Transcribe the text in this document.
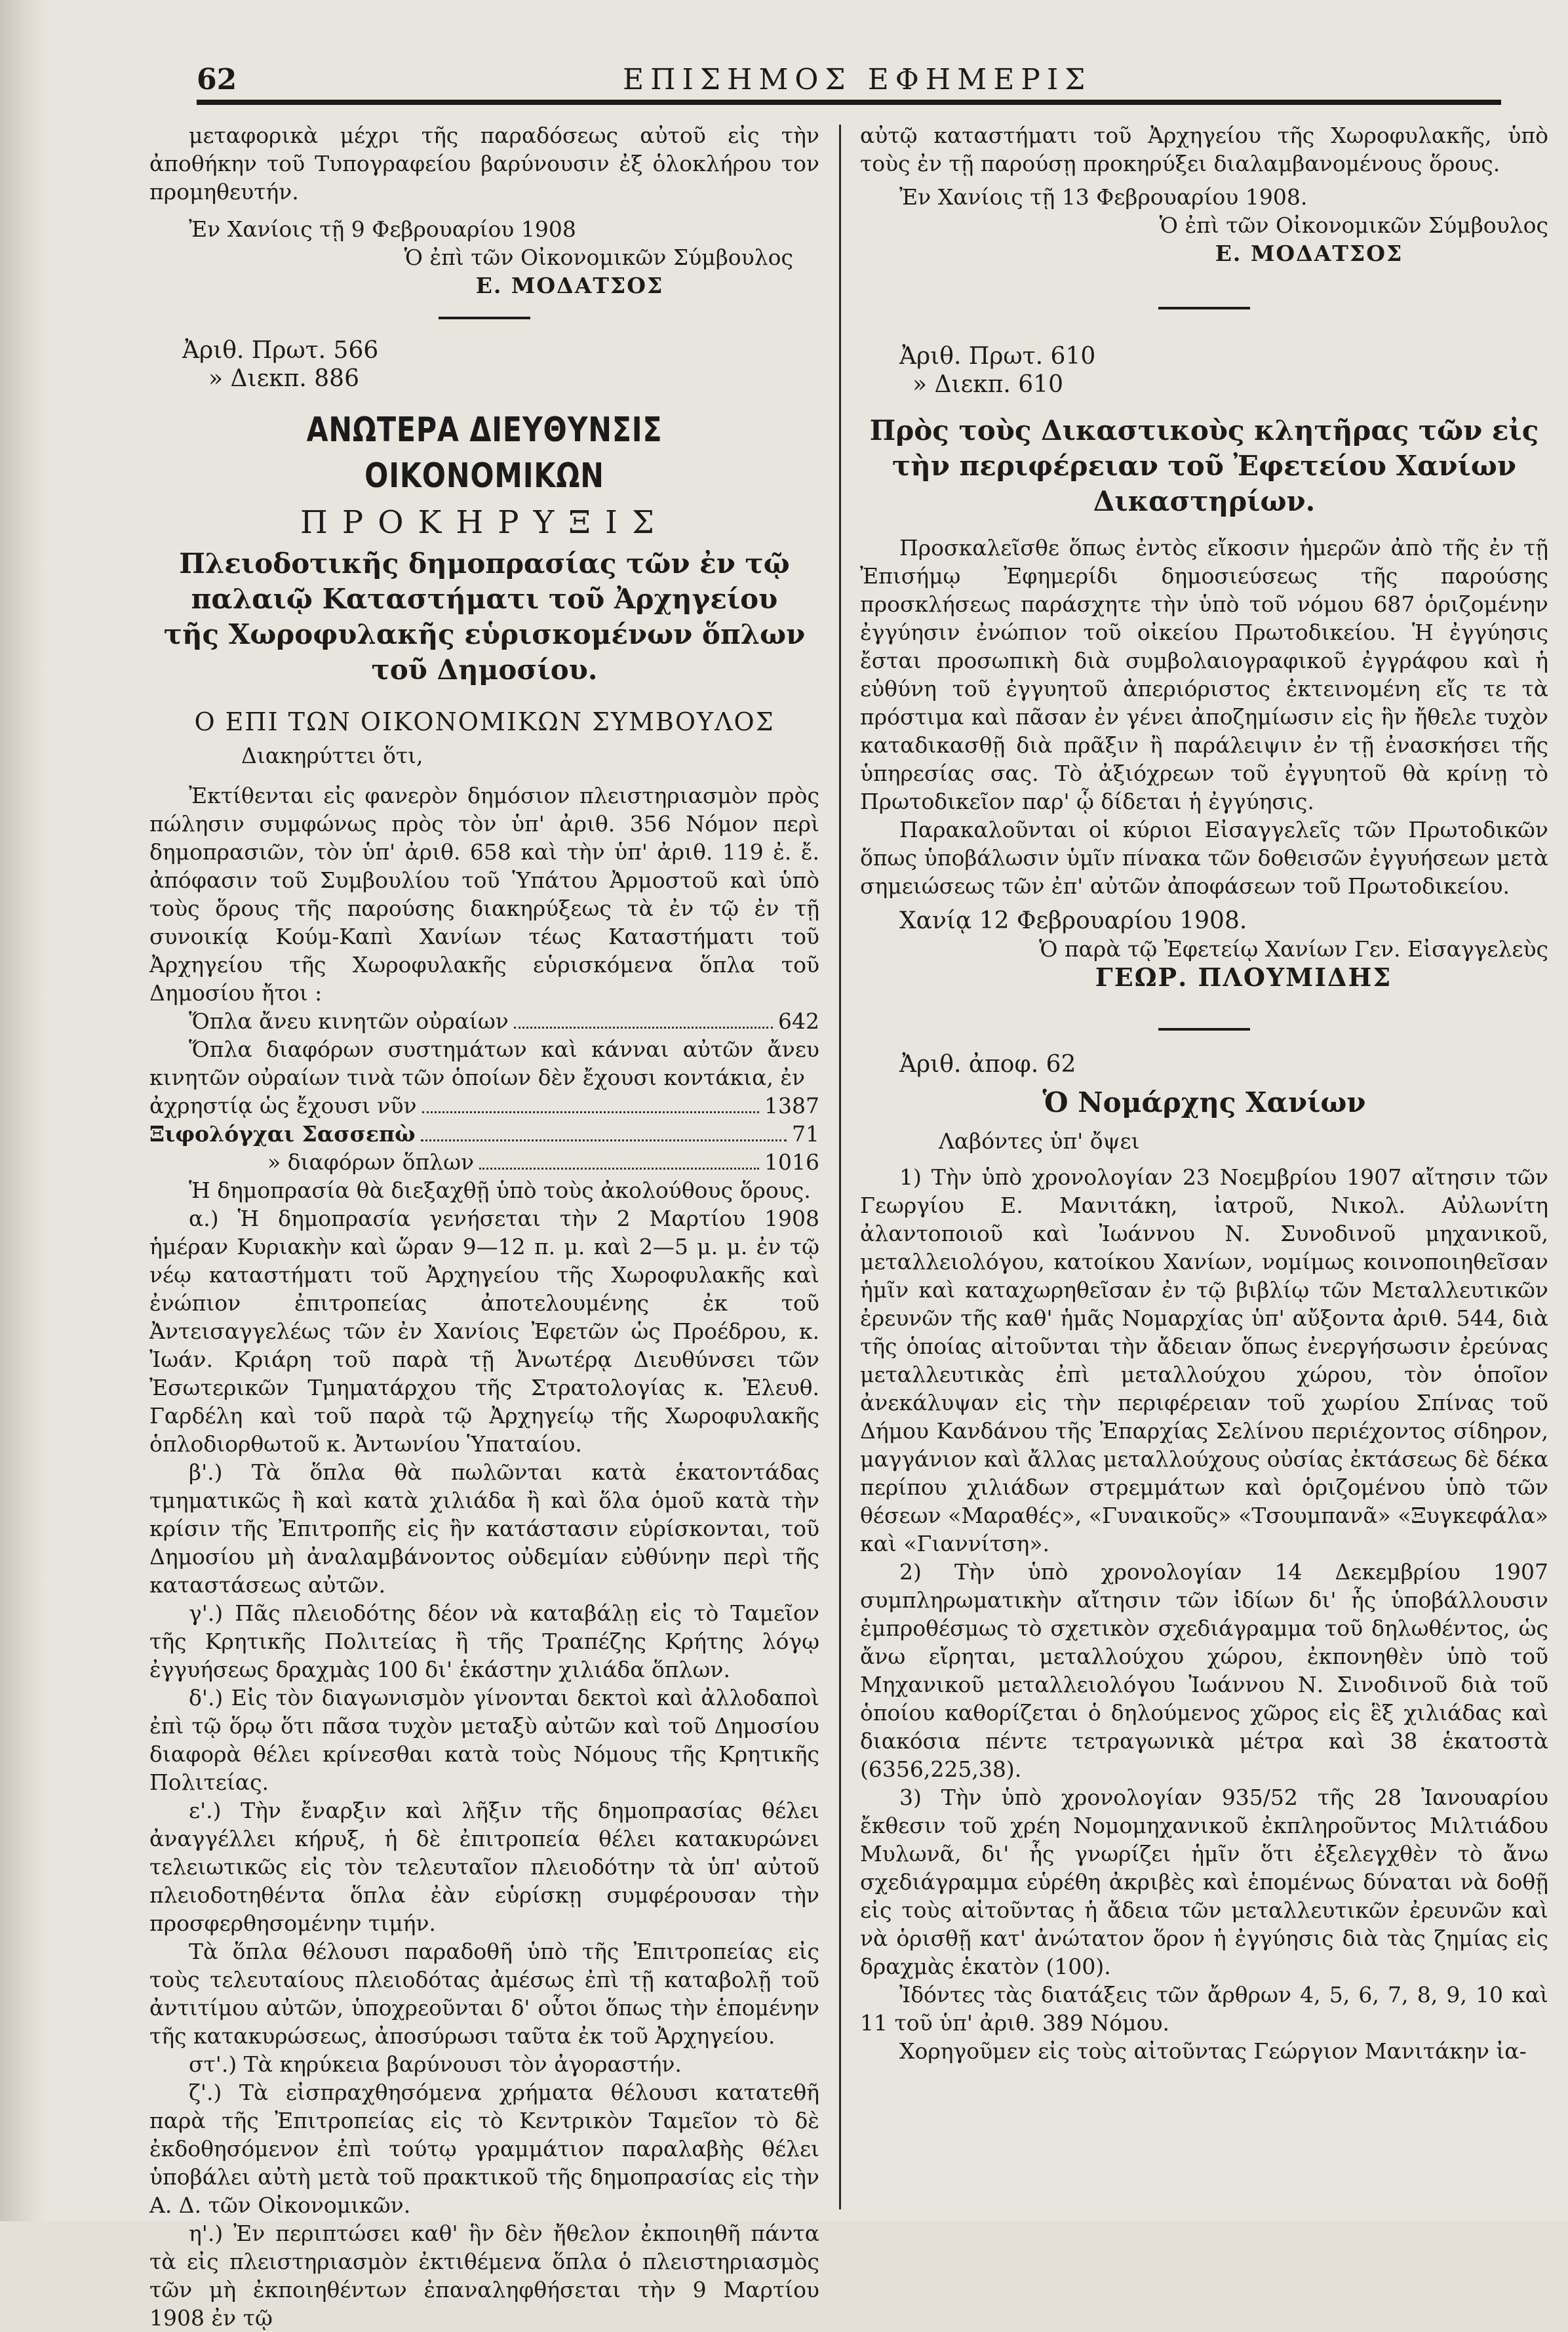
62	ΕΠΙΣΗΜΟΣ ΕΦΗΜΕΡΙΣ

μεταφορικὰ μέχρι τῆς παραδόσεως αὐτοῦ εἰς τὴν ἀποθήκην τοῦ Τυπογραφείου βαρύνουσιν ἐξ ὁλοκλήρου τον προμηθευτήν.

Ἐν Χανίοις τῇ 9 Φεβρουαρίου 1908

Ὁ ἐπὶ τῶν Οἰκονομικῶν Σύμβουλος

Ε. ΜΟΔΑΤΣΟΣ

Ἀριθ. Πρωτ. 566

» Διεκπ. 886

ΑΝΩΤΕΡΑ ΔΙΕΥΘΥΝΣΙΣ ΟΙΚΟΝΟΜΙΚΩΝ

ΠΡΟΚΗΡΥΞΙΣ

Πλειοδοτικῆς δημοπρασίας τῶν ἐν τῷ παλαιῷ Καταστήματι τοῦ Ἀρχηγείου τῆς Χωροφυλακῆς εὑρισκομένων ὅπλων τοῦ Δημοσίου.

Ο ΕΠΙ ΤΩΝ ΟΙΚΟΝΟΜΙΚΩΝ ΣΥΜΒΟΥΛΟΣ

Διακηρύττει ὅτι,

Ἐκτίθενται εἰς φανερὸν δημόσιον πλειστηριασμὸν πρὸς πώλησιν συμφώνως πρὸς τὸν ὑπ' ἀριθ. 356 Νόμον περὶ δημοπρασιῶν, τὸν ὑπ' ἀριθ. 658 καὶ τὴν ὑπ' ἀριθ. 119 ἐ. ἔ. ἀπόφασιν τοῦ Συμβουλίου τοῦ Ὑπάτου Ἀρμοστοῦ καὶ ὑπὸ τοὺς ὅρους τῆς παρούσης διακηρύξεως τὰ ἐν τῷ ἐν τῇ συνοικίᾳ Κούμ-Καπὶ Χανίων τέως Καταστήματι τοῦ Ἀρχηγείου τῆς Χωροφυλακῆς εὑρισκόμενα ὅπλα τοῦ Δημοσίου ἤτοι :

Ὅπλα ἄνευ κινητῶν οὐραίων	642

Ὅπλα διαφόρων συστημάτων καὶ κάνναι αὐτῶν ἄνευ κινητῶν οὐραίων τινὰ τῶν ὁποίων δὲν ἔχουσι κοντάκια, ἐν

ἀχρηστίᾳ ὡς ἔχουσι νῦν	1387
Ξιφολόγχαι Σασσεπὼ	71
» διαφόρων ὅπλων	1016

Ἡ δημοπρασία θὰ διεξαχθῇ ὑπὸ τοὺς ἀκολούθους ὅρους.

α.) Ἡ δημοπρασία γενήσεται τὴν 2 Μαρτίου 1908 ἡμέραν Κυριακὴν καὶ ὥραν 9—12 π. μ. καὶ 2—5 μ. μ. ἐν τῷ νέῳ καταστήματι τοῦ Ἀρχηγείου τῆς Χωροφυλακῆς καὶ ἐνώπιον ἐπιτροπείας ἀποτελουμένης ἐκ τοῦ Ἀντεισαγγελέως τῶν ἐν Χανίοις Ἐφετῶν ὡς Προέδρου, κ. Ἰωάν. Κριάρη τοῦ παρὰ τῇ Ἀνωτέρᾳ Διευθύνσει τῶν Ἐσωτερικῶν Τμηματάρχου τῆς Στρατολογίας κ. Ἐλευθ. Γαρδέλη καὶ τοῦ παρὰ τῷ Ἀρχηγείῳ τῆς Χωροφυλακῆς ὁπλοδιορθωτοῦ κ. Ἀντωνίου Ὑπαταίου.

β'.) Τὰ ὅπλα θὰ πωλῶνται κατὰ ἑκατοντάδας τμηματικῶς ἢ καὶ κατὰ χιλιάδα ἢ καὶ ὅλα ὁμοῦ κατὰ τὴν κρίσιν τῆς Ἐπιτροπῆς εἰς ἣν κατάστασιν εὑρίσκονται, τοῦ Δημοσίου μὴ ἀναλαμβάνοντος οὐδεμίαν εὐθύνην περὶ τῆς καταστάσεως αὐτῶν.

γ'.) Πᾶς πλειοδότης δέον νὰ καταβάλῃ εἰς τὸ Ταμεῖον τῆς Κρητικῆς Πολιτείας ἢ τῆς Τραπέζης Κρήτης λόγῳ ἐγγυήσεως δραχμὰς 100 δι' ἑκάστην χιλιάδα ὅπλων.

δ'.) Εἰς τὸν διαγωνισμὸν γίνονται δεκτοὶ καὶ ἀλλοδαποὶ ἐπὶ τῷ ὅρῳ ὅτι πᾶσα τυχὸν μεταξὺ αὐτῶν καὶ τοῦ Δημοσίου διαφορὰ θέλει κρίνεσθαι κατὰ τοὺς Νόμους τῆς Κρητικῆς Πολιτείας.

ε'.) Τὴν ἔναρξιν καὶ λῆξιν τῆς δημοπρασίας θέλει ἀναγγέλλει κήρυξ, ἡ δὲ ἐπιτροπεία θέλει κατακυρώνει τελειωτικῶς εἰς τὸν τελευταῖον πλειοδότην τὰ ὑπ' αὐτοῦ πλειοδοτηθέντα ὅπλα ἐὰν εὑρίσκῃ συμφέρουσαν τὴν προσφερθησομένην τιμήν.

Τὰ ὅπλα θέλουσι παραδοθῆ ὑπὸ τῆς Ἐπιτροπείας εἰς τοὺς τελευταίους πλειοδότας ἀμέσως ἐπὶ τῇ καταβολῇ τοῦ ἀντιτίμου αὐτῶν, ὑποχρεοῦνται δ' οὗτοι ὅπως τὴν ἑπομένην τῆς κατακυρώσεως, ἀποσύρωσι ταῦτα ἐκ τοῦ Ἀρχηγείου.

στ'.) Τὰ κηρύκεια βαρύνουσι τὸν ἀγοραστήν.

ζ'.) Τὰ εἰσπραχθησόμενα χρήματα θέλουσι κατατεθῆ παρὰ τῆς Ἐπιτροπείας εἰς τὸ Κεντρικὸν Ταμεῖον τὸ δὲ ἐκδοθησόμενον ἐπὶ τούτῳ γραμμάτιον παραλαβὴς θέλει ὑποβάλει αὐτὴ μετὰ τοῦ πρακτικοῦ τῆς δημοπρασίας εἰς τὴν Α. Δ. τῶν Οἰκονομικῶν.

η'.) Ἐν περιπτώσει καθ' ἣν δὲν ἤθελον ἐκποιηθῆ πάντα τὰ εἰς πλειστηριασμὸν ἐκτιθέμενα ὅπλα ὁ πλειστηριασμὸς τῶν μὴ ἐκποιηθέντων ἐπαναληφθήσεται τὴν 9 Μαρτίου 1908 ἐν τῷ

αὐτῷ καταστήματι τοῦ Ἀρχηγείου τῆς Χωροφυλακῆς, ὑπὸ τοὺς ἐν τῇ παρούσῃ προκηρύξει διαλαμβανομένους ὅρους.

Ἐν Χανίοις τῇ 13 Φεβρουαρίου 1908.

Ὁ ἐπὶ τῶν Οἰκονομικῶν Σύμβουλος

Ε. ΜΟΔΑΤΣΟΣ

Ἀριθ. Πρωτ. 610

» Διεκπ. 610

Πρὸς τοὺς Δικαστικοὺς κλητῆρας τῶν εἰς τὴν περιφέρειαν τοῦ Ἐφετείου Χανίων Δικαστηρίων.

Προσκαλεῖσθε ὅπως ἐντὸς εἴκοσιν ἡμερῶν ἀπὸ τῆς ἐν τῇ Ἐπισήμῳ Ἐφημερίδι δημοσιεύσεως τῆς παρούσης προσκλήσεως παράσχητε τὴν ὑπὸ τοῦ νόμου 687 ὁριζομένην ἐγγύησιν ἐνώπιον τοῦ οἰκείου Πρωτοδικείου. Ἡ ἐγγύησις ἔσται προσωπικὴ διὰ συμβολαιογραφικοῦ ἐγγράφου καὶ ἡ εὐθύνη τοῦ ἐγγυητοῦ ἀπεριόριστος ἐκτεινομένη εἴς τε τὰ πρόστιμα καὶ πᾶσαν ἐν γένει ἀποζημίωσιν εἰς ἣν ἤθελε τυχὸν καταδικασθῇ διὰ πρᾶξιν ἢ παράλειψιν ἐν τῇ ἐνασκήσει τῆς ὑπηρεσίας σας. Τὸ ἀξιόχρεων τοῦ ἐγγυητοῦ θὰ κρίνῃ τὸ Πρωτοδικεῖον παρ' ᾧ δίδεται ἡ ἐγγύησις.

Παρακαλοῦνται οἱ κύριοι Εἰσαγγελεῖς τῶν Πρωτοδικῶν ὅπως ὑποβάλωσιν ὑμῖν πίνακα τῶν δοθεισῶν ἐγγυήσεων μετὰ σημειώσεως τῶν ἐπ' αὐτῶν ἀποφάσεων τοῦ Πρωτοδικείου.

Χανίᾳ 12 Φεβρουαρίου 1908.

Ὁ παρὰ τῷ Ἐφετείῳ Χανίων Γεν. Εἰσαγγελεὺς

ΓΕΩΡ. ΠΛΟΥΜΙΔΗΣ

Ἀριθ. ἀποφ. 62

Ὁ Νομάρχης Χανίων

Λαβόντες ὑπ' ὄψει

1) Τὴν ὑπὸ χρονολογίαν 23 Νοεμβρίου 1907 αἴτησιν τῶν Γεωργίου Ε. Μανιτάκη, ἰατροῦ, Νικολ. Αὐλωνίτη ἀλαντοποιοῦ καὶ Ἰωάννου Ν. Συνοδινοῦ μηχανικοῦ, μεταλλειολόγου, κατοίκου Χανίων, νομίμως κοινοποιηθεῖσαν ἡμῖν καὶ καταχωρηθεῖσαν ἐν τῷ βιβλίῳ τῶν Μεταλλευτικῶν ἐρευνῶν τῆς καθ' ἡμᾶς Νομαρχίας ὑπ' αὔξοντα ἀριθ. 544, διὰ τῆς ὁποίας αἰτοῦνται τὴν ἄδειαν ὅπως ἐνεργήσωσιν ἐρεύνας μεταλλευτικὰς ἐπὶ μεταλλούχου χώρου, τὸν ὁποῖον ἀνεκάλυψαν εἰς τὴν περιφέρειαν τοῦ χωρίου Σπίνας τοῦ Δήμου Κανδάνου τῆς Ἐπαρχίας Σελίνου περιέχοντος σίδηρον, μαγγάνιον καὶ ἄλλας μεταλλούχους οὐσίας ἐκτάσεως δὲ δέκα περίπου χιλιάδων στρεμμάτων καὶ ὁριζομένου ὑπὸ τῶν θέσεων «Μαραθές», «Γυναικοῦς» «Τσουμπανᾶ» «Ξυγκεφάλα» καὶ «Γιαννίτση».

2) Τὴν ὑπὸ χρονολογίαν 14 Δεκεμβρίου 1907 συμπληρωματικὴν αἴτησιν τῶν ἰδίων δι' ἧς ὑποβάλλουσιν ἐμπροθέσμως τὸ σχετικὸν σχεδιάγραμμα τοῦ δηλωθέντος, ὡς ἄνω εἴρηται, μεταλλούχου χώρου, ἐκπονηθὲν ὑπὸ τοῦ Μηχανικοῦ μεταλλειολόγου Ἰωάννου Ν. Σινοδινοῦ διὰ τοῦ ὁποίου καθορίζεται ὁ δηλούμενος χῶρος εἰς ἓξ χιλιάδας καὶ διακόσια πέντε τετραγωνικὰ μέτρα καὶ 38 ἑκατοστὰ (6356,225,38).

3) Τὴν ὑπὸ χρονολογίαν 935/52 τῆς 28 Ἰανουαρίου ἔκθεσιν τοῦ χρέη Νομομηχανικοῦ ἐκπληροῦντος Μιλτιάδου Μυλωνᾶ, δι' ἧς γνωρίζει ἡμῖν ὅτι ἐξελεγχθὲν τὸ ἄνω σχεδιάγραμμα εὑρέθη ἀκριβὲς καὶ ἑπομένως δύναται νὰ δοθῇ εἰς τοὺς αἰτοῦντας ἡ ἄδεια τῶν μεταλλευτικῶν ἐρευνῶν καὶ νὰ ὁρισθῇ κατ' ἀνώτατον ὅρον ἡ ἐγγύησις διὰ τὰς ζημίας εἰς δραχμὰς ἑκατὸν (100).

Ἰδόντες τὰς διατάξεις τῶν ἄρθρων 4, 5, 6, 7, 8, 9, 10 καὶ 11 τοῦ ὑπ' ἀριθ. 389 Νόμου.

Χορηγοῦμεν εἰς τοὺς αἰτοῦντας Γεώργιον Μανιτάκην ἰα-
